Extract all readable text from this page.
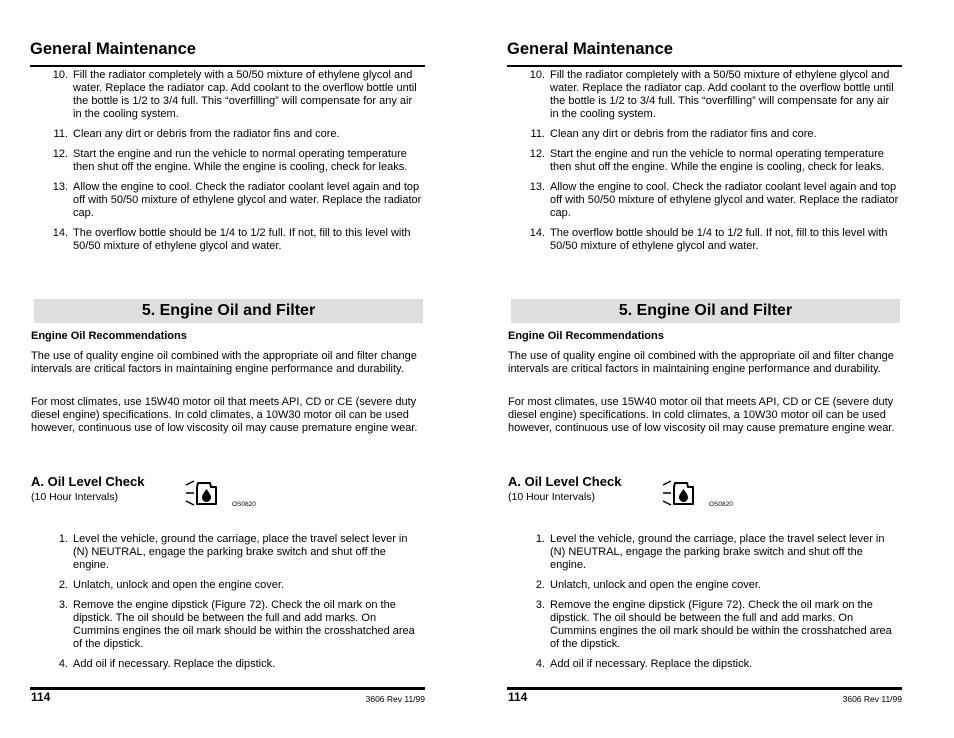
General Maintenance
10. Fill the radiator completely with a 50/50 mixture of ethylene glycol and water. Replace the radiator cap. Add coolant to the overflow bottle until the bottle is 1/2 to 3/4 full. This “overfilling” will compensate for any air in the cooling system.
11. Clean any dirt or debris from the radiator fins and core.
12. Start the engine and run the vehicle to normal operating temperature then shut off the engine. While the engine is cooling, check for leaks.
13. Allow the engine to cool. Check the radiator coolant level again and top off with 50/50 mixture of ethylene glycol and water. Replace the radiator cap.
14. The overflow bottle should be 1/4 to 1/2 full. If not, fill to this level with 50/50 mixture of ethylene glycol and water.
5. Engine Oil and Filter
Engine Oil Recommendations

The use of quality engine oil combined with the appropriate oil and filter change intervals are critical factors in maintaining engine performance and durability.

For most climates, use 15W40 motor oil that meets API, CD or CE (severe duty diesel engine) specifications. In cold climates, a 10W30 motor oil can be used however, continuous use of low viscosity oil may cause premature engine wear.

A. Oil Level Check
(10 Hour Intervals)
OS0820
1. Level the vehicle, ground the carriage, place the travel select lever in (N) NEUTRAL, engage the parking brake switch and shut off the engine.
2. Unlatch, unlock and open the engine cover.
3. Remove the engine dipstick (Figure 72). Check the oil mark on the dipstick. The oil should be between the full and add marks. On Cummins engines the oil mark should be within the crosshatched area of the dipstick.
4. Add oil if necessary. Replace the dipstick.
114	3606 Rev 11/99
General Maintenance
10. Fill the radiator completely with a 50/50 mixture of ethylene glycol and water. Replace the radiator cap. Add coolant to the overflow bottle until the bottle is 1/2 to 3/4 full. This “overfilling” will compensate for any air in the cooling system.
11. Clean any dirt or debris from the radiator fins and core.
12. Start the engine and run the vehicle to normal operating temperature then shut off the engine. While the engine is cooling, check for leaks.
13. Allow the engine to cool. Check the radiator coolant level again and top off with 50/50 mixture of ethylene glycol and water. Replace the radiator cap.
14. The overflow bottle should be 1/4 to 1/2 full. If not, fill to this level with 50/50 mixture of ethylene glycol and water.
5. Engine Oil and Filter
Engine Oil Recommendations

The use of quality engine oil combined with the appropriate oil and filter change intervals are critical factors in maintaining engine performance and durability.

For most climates, use 15W40 motor oil that meets API, CD or CE (severe duty diesel engine) specifications. In cold climates, a 10W30 motor oil can be used however, continuous use of low viscosity oil may cause premature engine wear.

A. Oil Level Check
(10 Hour Intervals)
OS0820
1. Level the vehicle, ground the carriage, place the travel select lever in (N) NEUTRAL, engage the parking brake switch and shut off the engine.
2. Unlatch, unlock and open the engine cover.
3. Remove the engine dipstick (Figure 72). Check the oil mark on the dipstick. The oil should be between the full and add marks. On Cummins engines the oil mark should be within the crosshatched area of the dipstick.
4. Add oil if necessary. Replace the dipstick.
114	3606 Rev 11/99
